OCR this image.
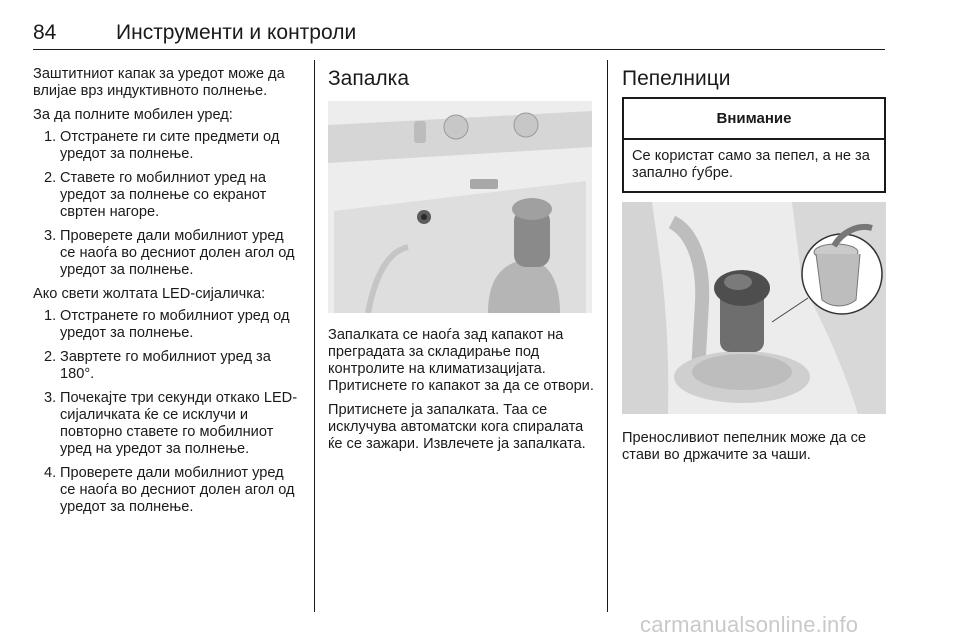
84	Инструменти и контроли

Заштитниот капак за уредот може да влијае врз индуктивното полнење.

За да полните мобилен уред:

1. Отстранете ги сите предмети од уредот за полнење.
2. Ставете го мобилниот уред на уредот за полнење со екранот свртен нагоре.
3. Проверете дали мобилниот уред се наоѓа во десниот долен агол од уредот за полнење.

Ако свети жолтата LED-сијаличка:

1. Отстранете го мобилниот уред од уредот за полнење.
2. Завртете го мобилниот уред за 180°.
3. Почекајте три секунди откако LED-сијаличката ќе се исклучи и повторно ставете го мобилниот уред на уредот за полнење.
4. Проверете дали мобилниот уред се наоѓа во десниот долен агол од уредот за полнење.
Запалка

Запалката се наоѓа зад капакот на преградата за складирање под контролите на климатизацијата. Притиснете го капакот за да се отвори.

Притиснете ја запалката. Таа се исклучува автоматски кога спиралата ќе се зажари. Извлечете ја запалката.

Пепелници
Внимание
Се користат само за пепел, а не за запално ѓубре.

Преносливиот пепелник може да се стави во држачите за чаши.

carmanualsonline.info
